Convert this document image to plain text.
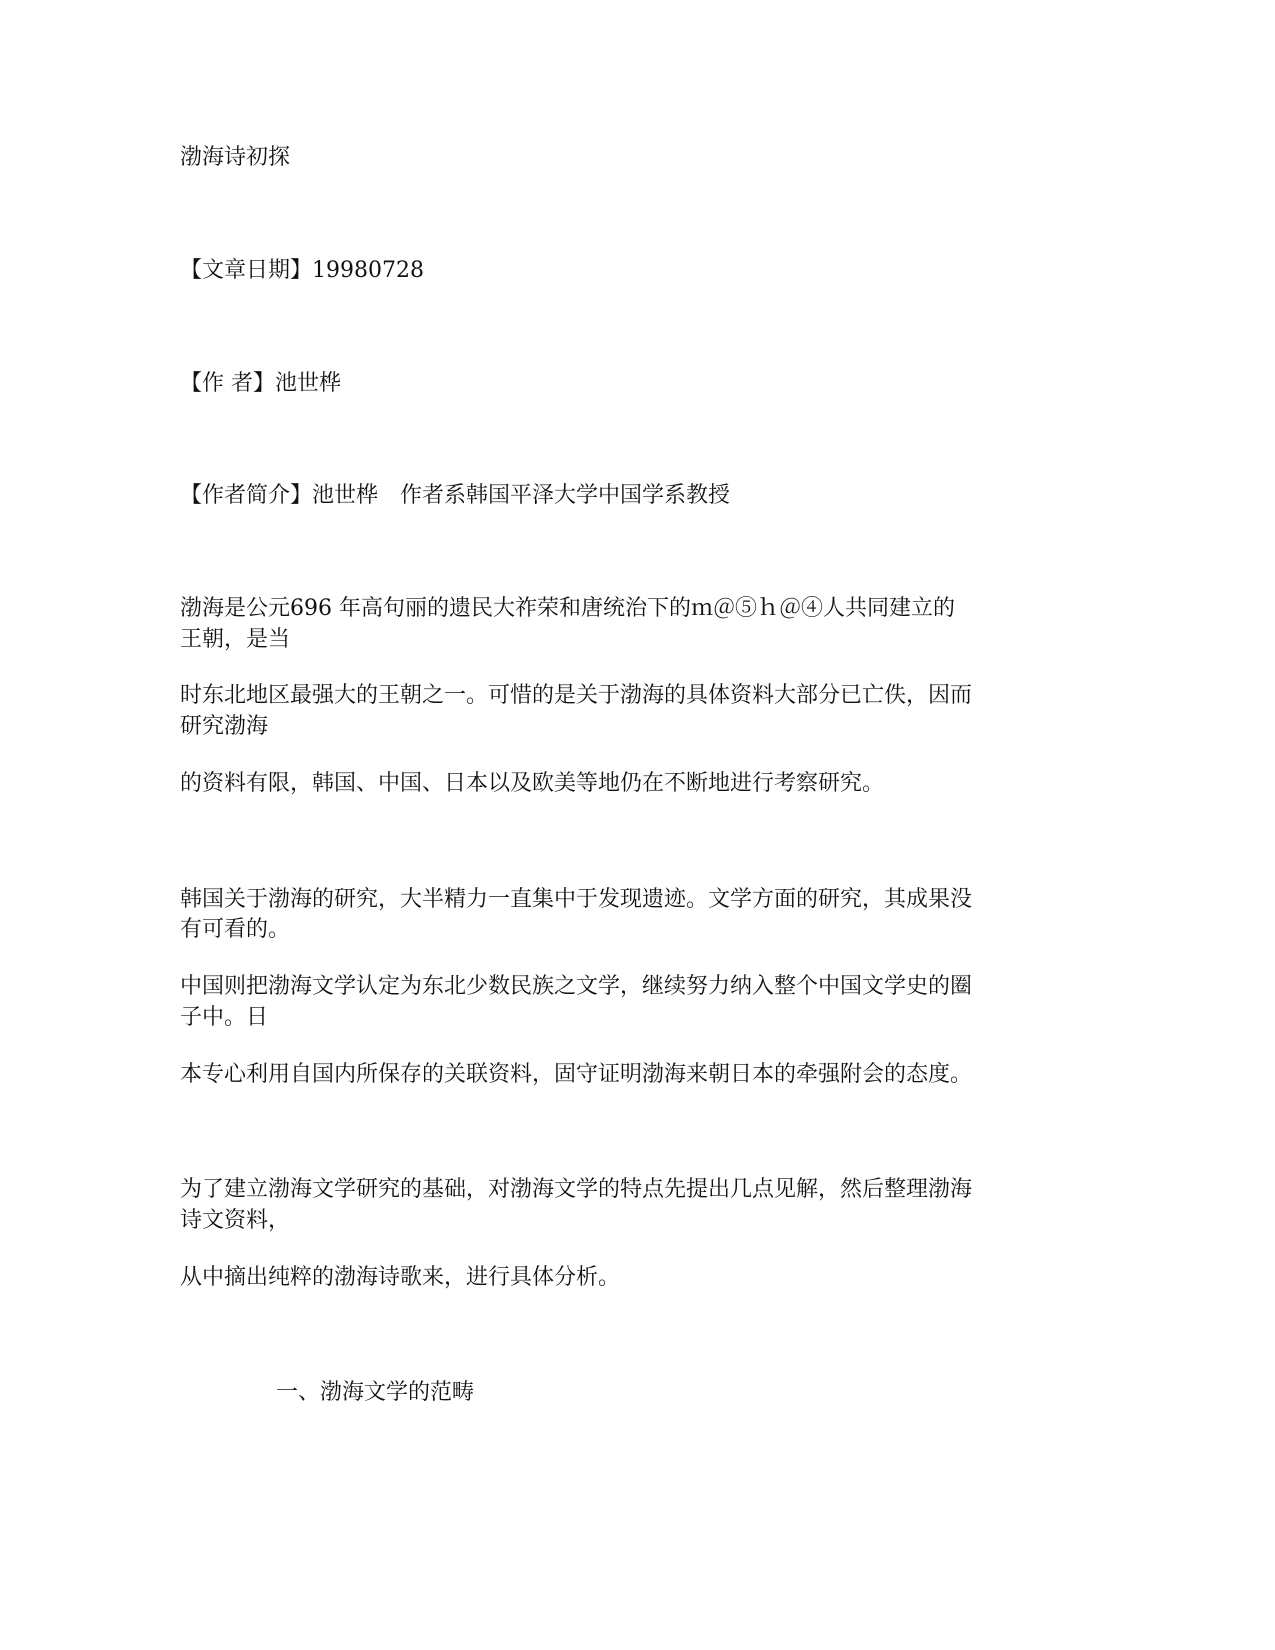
渤海诗初探
【文章日期】19980728
【作 者】池世桦
【作者简介】池世桦　作者系韩国平泽大学中国学系教授
渤海是公元696 年高句丽的遗民大祚荣和唐统治下的ｍ＠⑤ｈ＠④人共同建立的
王朝，是当
时东北地区最强大的王朝之一。可惜的是关于渤海的具体资料大部分已亡佚，因而
研究渤海
的资料有限，韩国、中国、日本以及欧美等地仍在不断地进行考察研究。
韩国关于渤海的研究，大半精力一直集中于发现遗迹。文学方面的研究，其成果没
有可看的。
中国则把渤海文学认定为东北少数民族之文学，继续努力纳入整个中国文学史的圈
子中。日
本专心利用自国内所保存的关联资料，固守证明渤海来朝日本的牵强附会的态度。
为了建立渤海文学研究的基础，对渤海文学的特点先提出几点见解，然后整理渤海
诗文资料，
从中摘出纯粹的渤海诗歌来，进行具体分析。
一、渤海文学的范畴
